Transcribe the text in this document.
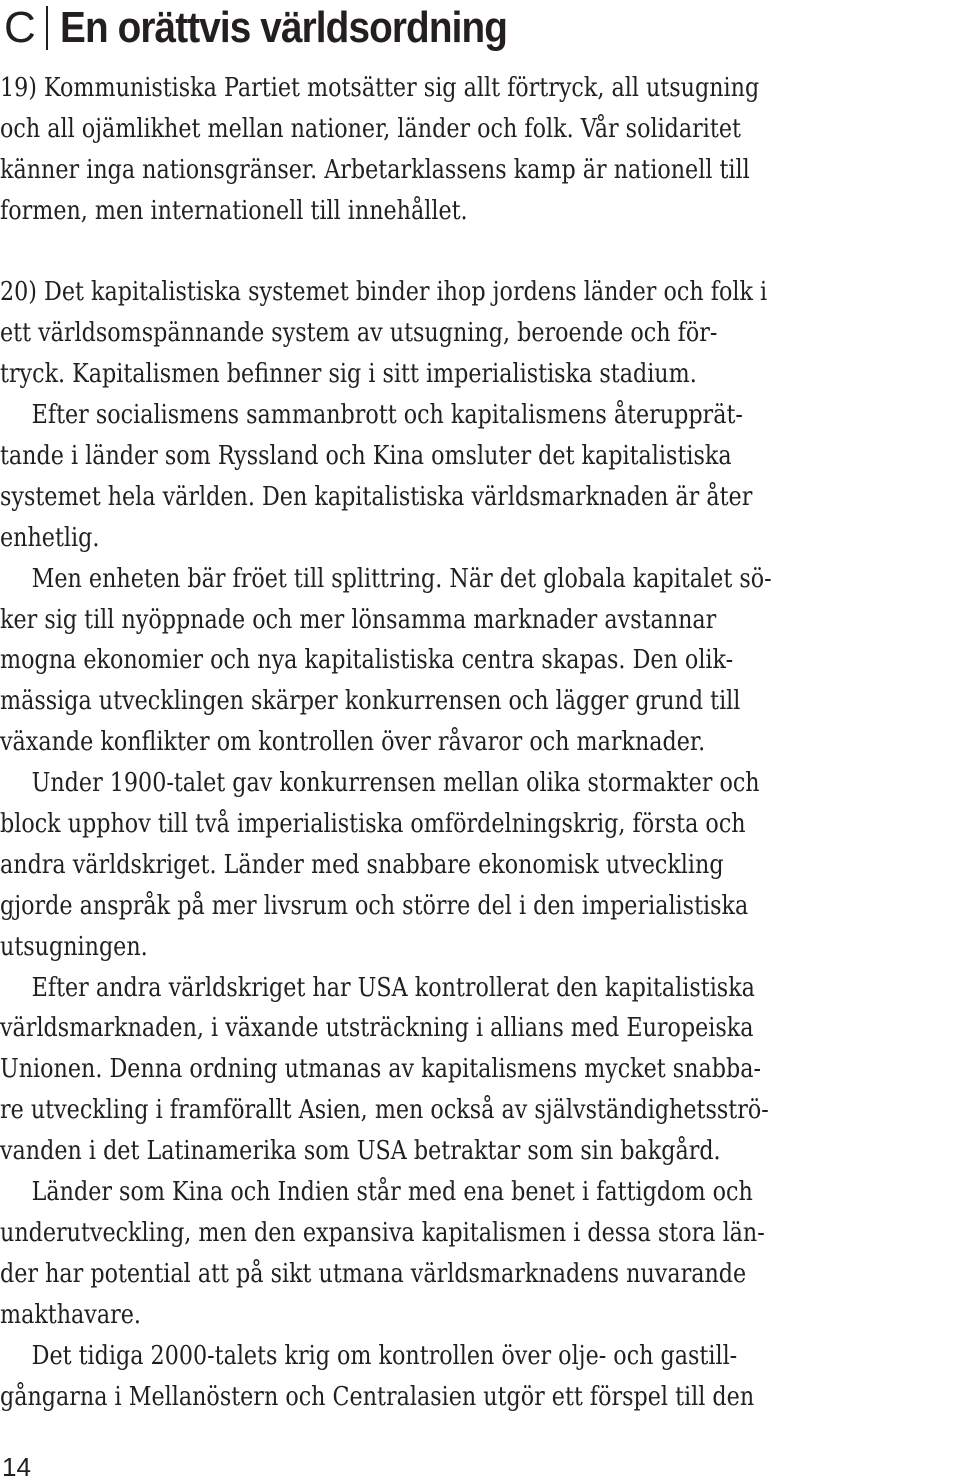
C En orättvis världsordning
19) Kommunistiska Partiet motsätter sig allt förtryck, all utsugning
och all ojämlikhet mellan nationer, länder och folk. Vår solidaritet
känner inga nationsgränser. Arbetarklassens kamp är nationell till
formen, men internationell till innehållet.
20) Det kapitalistiska systemet binder ihop jordens länder och folk i
ett världsomspännande system av utsugning, beroende och för-
tryck. Kapitalismen befinner sig i sitt imperialistiska stadium.
Efter socialismens sammanbrott och kapitalismens återupprät-
tande i länder som Ryssland och Kina omsluter det kapitalistiska
systemet hela världen. Den kapitalistiska världsmarknaden är åter
enhetlig.
Men enheten bär fröet till splittring. När det globala kapitalet sö-
ker sig till nyöppnade och mer lönsamma marknader avstannar
mogna ekonomier och nya kapitalistiska centra skapas. Den olik-
mässiga utvecklingen skärper konkurrensen och lägger grund till
växande konflikter om kontrollen över råvaror och marknader.
Under 1900-talet gav konkurrensen mellan olika stormakter och
block upphov till två imperialistiska omfördelningskrig, första och
andra världskriget. Länder med snabbare ekonomisk utveckling
gjorde anspråk på mer livsrum och större del i den imperialistiska
utsugningen.
Efter andra världskriget har USA kontrollerat den kapitalistiska
världsmarknaden, i växande utsträckning i allians med Europeiska
Unionen. Denna ordning utmanas av kapitalismens mycket snabba-
re utveckling i framförallt Asien, men också av självständighetsströ-
vanden i det Latinamerika som USA betraktar som sin bakgård.
Länder som Kina och Indien står med ena benet i fattigdom och
underutveckling, men den expansiva kapitalismen i dessa stora län-
der har potential att på sikt utmana världsmarknadens nuvarande
makthavare.
Det tidiga 2000-talets krig om kontrollen över olje- och gastill-
gångarna i Mellanöstern och Centralasien utgör ett förspel till den
14
